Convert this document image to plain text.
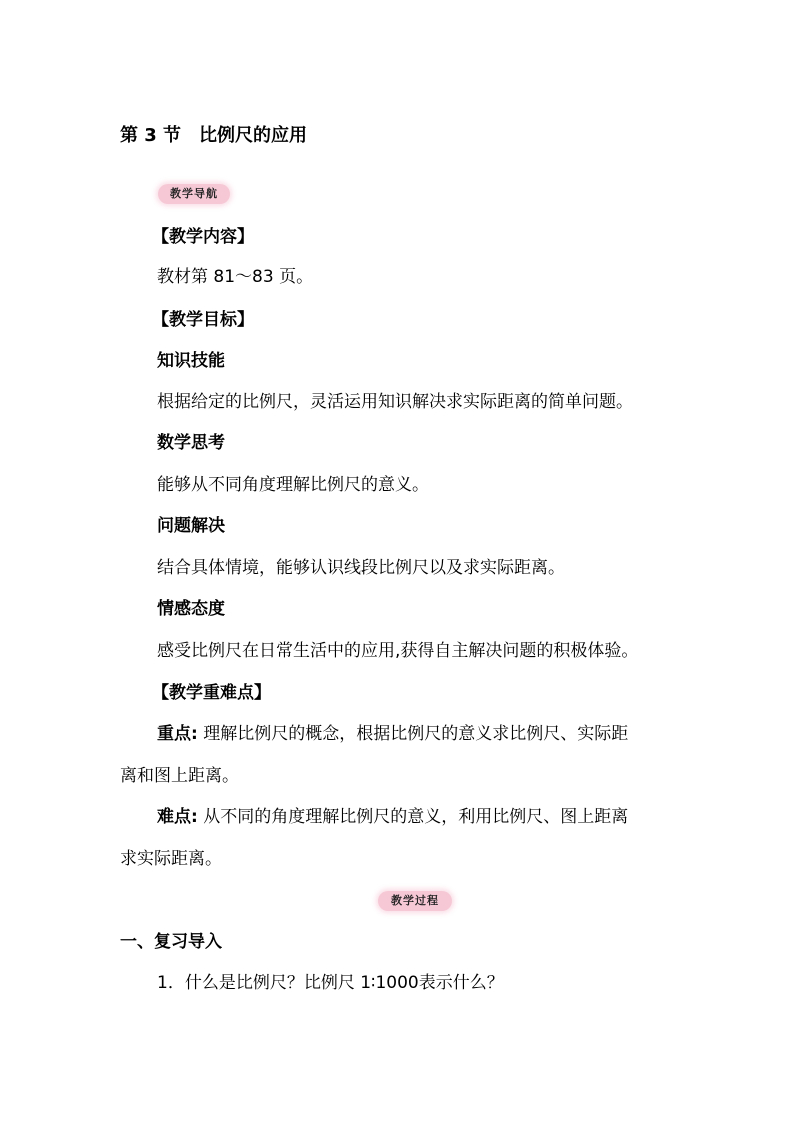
第 3 节　比例尺的应用
教学导航
【教学内容】
教材第 81～83 页。
【教学目标】
知识技能
根据给定的比例尺，灵活运用知识解决求实际距离的简单问题。
数学思考
能够从不同角度理解比例尺的意义。
问题解决
结合具体情境，能够认识线段比例尺以及求实际距离。
情感态度
感受比例尺在日常生活中的应用,获得自主解决问题的积极体验。
【教学重难点】
重点: 理解比例尺的概念，根据比例尺的意义求比例尺、实际距
离和图上距离。
难点: 从不同的角度理解比例尺的意义，利用比例尺、图上距离
求实际距离。
教学过程
一、复习导入
1．什么是比例尺？比例尺 1∶1000表示什么？
